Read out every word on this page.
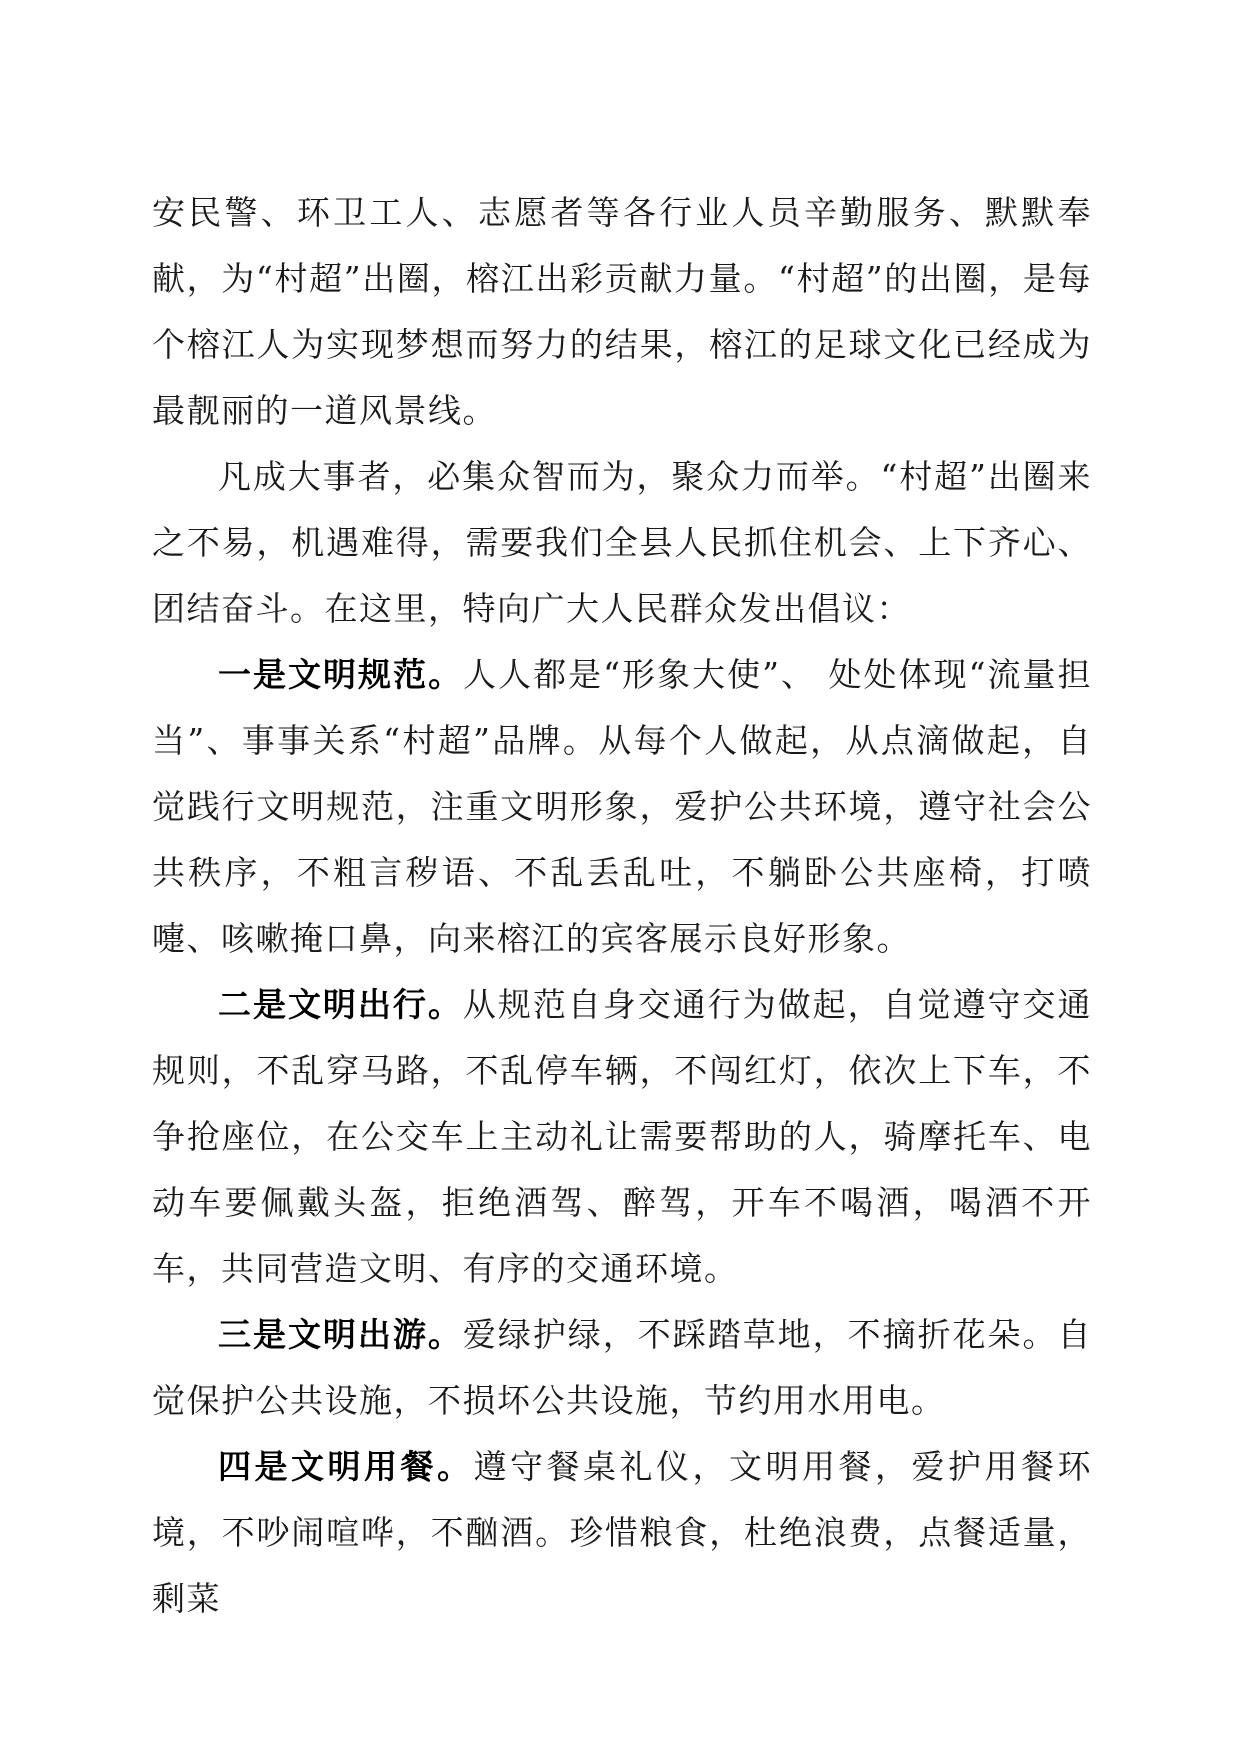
安民警、环卫工人、志愿者等各行业人员辛勤服务、默默奉献，为“村超”出圈，榕江出彩贡献力量。“村超”的出圈，是每个榕江人为实现梦想而努力的结果，榕江的足球文化已经成为最靓丽的一道风景线。

凡成大事者，必集众智而为，聚众力而举。“村超”出圈来之不易，机遇难得，需要我们全县人民抓住机会、上下齐心、团结奋斗。在这里，特向广大人民群众发出倡议：

一是文明规范。人人都是“形象大使”、 处处体现“流量担当”、事事关系“村超”品牌。从每个人做起，从点滴做起，自觉践行文明规范，注重文明形象，爱护公共环境，遵守社会公共秩序，不粗言秽语、不乱丢乱吐，不躺卧公共座椅，打喷嚏、咳嗽掩口鼻，向来榕江的宾客展示良好形象。

二是文明出行。从规范自身交通行为做起，自觉遵守交通规则，不乱穿马路，不乱停车辆，不闯红灯，依次上下车，不争抢座位，在公交车上主动礼让需要帮助的人，骑摩托车、电动车要佩戴头盔，拒绝酒驾、醉驾，开车不喝酒，喝酒不开车，共同营造文明、有序的交通环境。

三是文明出游。爱绿护绿，不踩踏草地，不摘折花朵。自觉保护公共设施，不损坏公共设施，节约用水用电。

四是文明用餐。遵守餐桌礼仪，文明用餐，爱护用餐环境，不吵闹喧哗，不酗酒。珍惜粮食，杜绝浪费，点餐适量，剩菜
